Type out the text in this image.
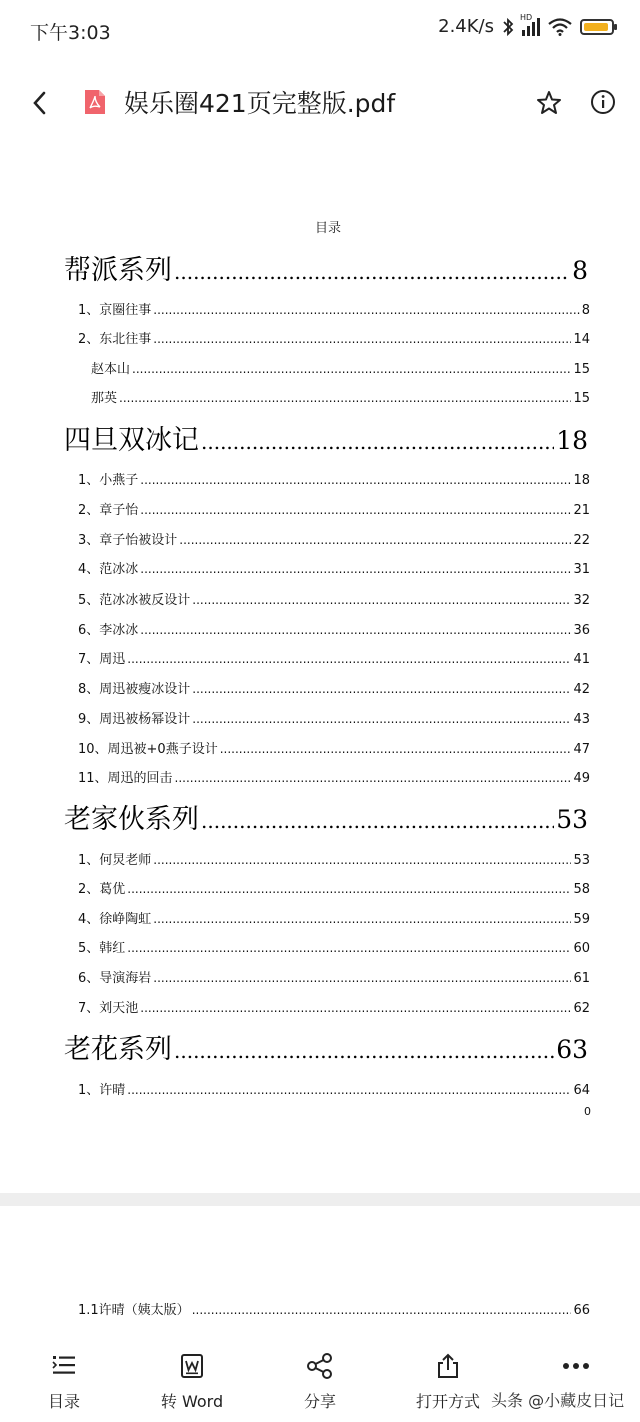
下午3:03	2.4K/s	HD
娱乐圈421页完整版.pdf
目录
帮派系列 .....	8
1、京圈往事 .....	8
2、东北往事 .....	14
赵本山 .....	15
那英 .....	15
四旦双冰记 .....	18
1、小燕子 .....	18
2、章子怡 .....	21
3、章子怡被设计 .....	22
4、范冰冰 .....	31
5、范冰冰被反设计 .....	32
6、李冰冰 .....	36
7、周迅 .....	41
8、周迅被瘦冰设计 .....	42
9、周迅被杨幂设计 .....	43
10、周迅被+0燕子设计 .....	47
11、周迅的回击 .....	49
老家伙系列 .....	53
1、何炅老师 .....	53
2、葛优 .....	58
4、徐峥陶虹 .....	59
5、韩红 .....	60
6、导演海岩 .....	61
7、刘天池 .....	62
老花系列 .....	63
1、许晴 .....	64
1.1许晴（姨太版） .....	66
0
目录	转 Word	分享	打开方式 头条 @小藏皮日记
